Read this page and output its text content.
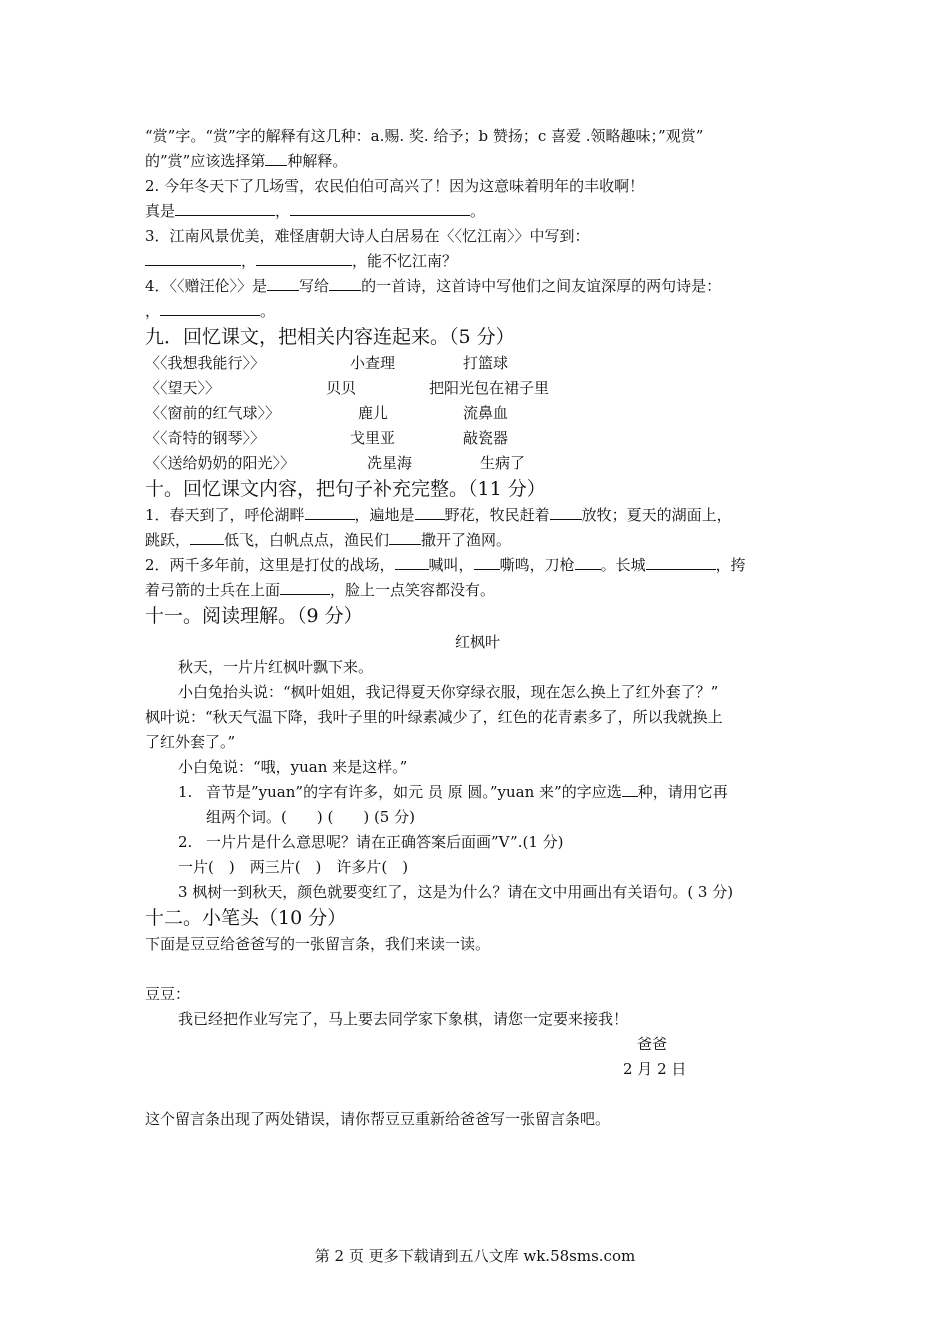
“赏”字。“赏”字的解释有这几种：a.赐. 奖. 给予；b 赞扬；c 喜爱 .领略趣味；”观赏”
的”赏”应该选择第 种解释。
2. 今年冬天下了几场雪，农民伯伯可高兴了！因为这意味着明年的丰收啊！
真是	，	。
3．江南风景优美，难怪唐朝大诗人白居易在〈〈忆江南〉〉中写到：
，	，能不忆江南？
4．〈〈赠汪伦〉〉是 写给 的一首诗，这首诗中写他们之间友谊深厚的两句诗是：
，	。
九．回忆课文，把相关内容连起来。（5 分）
〈〈我想我能行〉〉	小查理	打篮球
〈〈望天〉〉	贝贝	把阳光包在裙子里
〈〈窗前的红气球〉〉	鹿儿	流鼻血
〈〈奇特的钢琴〉〉	戈里亚	敲瓷器
〈〈送给奶奶的阳光〉〉	冼星海	生病了
十。回忆课文内容，把句子补充完整。（11 分）
1．春天到了，呼伦湖畔	，遍地是 野花，牧民赶着 放牧；夏天的湖面上，
跳跃， 低飞，白帆点点，渔民们 撒开了渔网。
2．两千多年前，这里是打仗的战场， 喊叫， 嘶鸣，刀枪 。长城	，挎
着弓箭的士兵在上面	，脸上一点笑容都没有。
十一。阅读理解。（9 分）
红枫叶
秋天，一片片红枫叶飘下来。
小白兔抬头说：“枫叶姐姐，我记得夏天你穿绿衣服，现在怎么换上了红外套了？”
枫叶说：“秋天气温下降，我叶子里的叶绿素减少了，红色的花青素多了，所以我就换上
了红外套了。”
小白兔说：“哦，yuan 来是这样。”
1. 音节是”yuan”的字有许多，如元 员 原 圆。”yuan 来”的字应选 种，请用它再
组两个词。(　　) (　　) (5 分)
2. 一片片是什么意思呢？请在正确答案后面画”V”.(1 分)
一片(　)　两三片(　)　许多片(　)
3 枫树一到秋天，颜色就要变红了，这是为什么？请在文中用画出有关语句。( 3 分)
十二。小笔头（10 分）
下面是豆豆给爸爸写的一张留言条，我们来读一读。
豆豆：
我已经把作业写完了，马上要去同学家下象棋，请您一定要来接我！
爸爸
2 月 2 日
这个留言条出现了两处错误，请你帮豆豆重新给爸爸写一张留言条吧。
第 2 页 更多下载请到五八文库 wk.58sms.com
